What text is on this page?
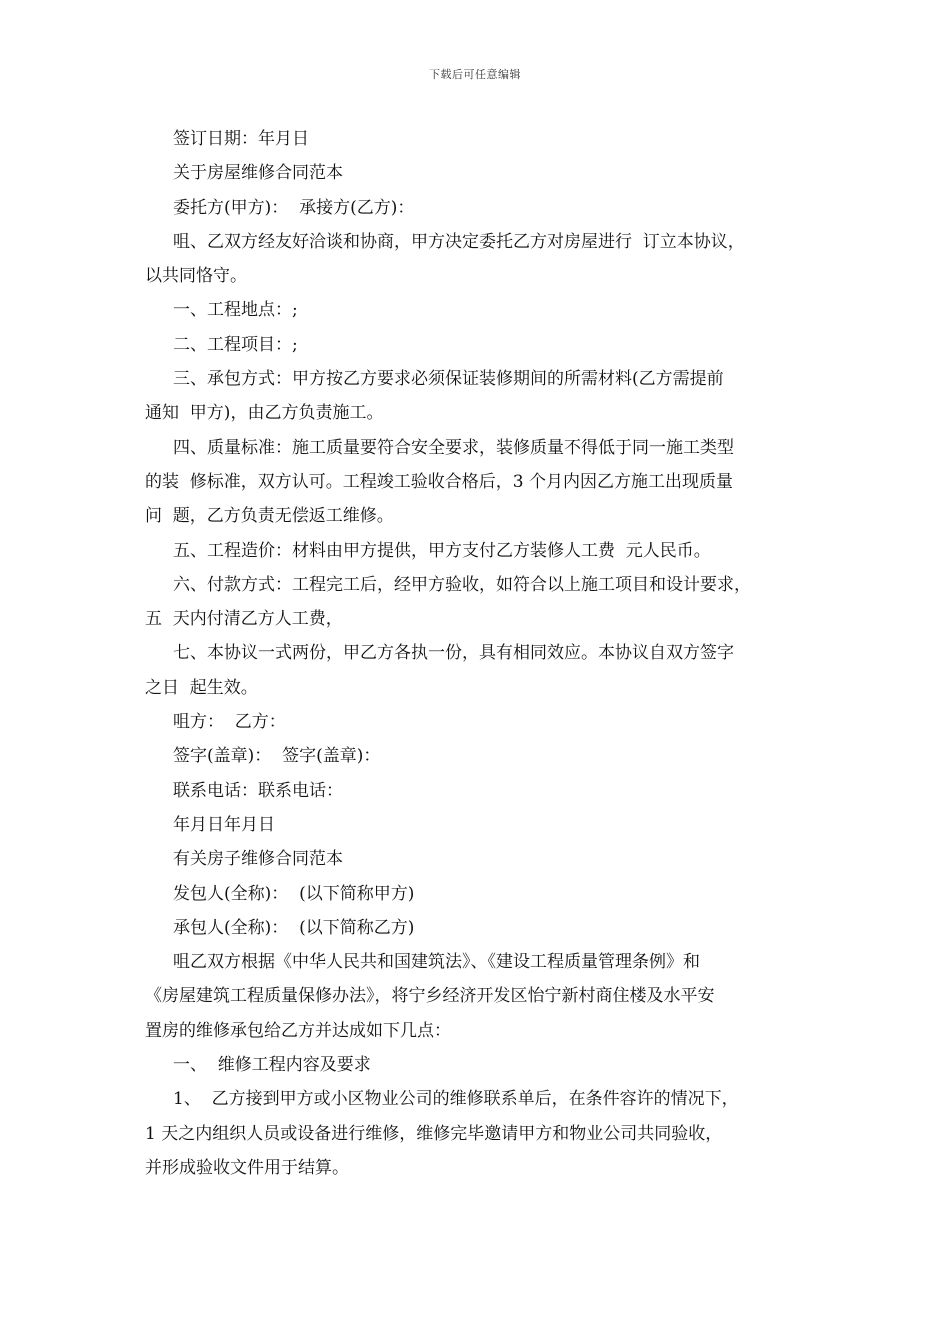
下载后可任意编辑
签订日期：年月日
关于房屋维修合同范本
委托方(甲方)：  承接方(乙方)：
咀、乙双方经友好洽谈和协商，甲方决定委托乙方对房屋进行  订立本协议，
以共同恪守。
一、工程地点：;
二、工程项目：;
三、承包方式：甲方按乙方要求必须保证装修期间的所需材料(乙方需提前
通知  甲方)，由乙方负责施工。
四、质量标准：施工质量要符合安全要求，装修质量不得低于同一施工类型
的装  修标准，双方认可。工程竣工验收合格后，3 个月内因乙方施工出现质量
问  题，乙方负责无偿返工维修。
五、工程造价：材料由甲方提供，甲方支付乙方装修人工费  元人民币。
六、付款方式：工程完工后，经甲方验收，如符合以上施工项目和设计要求，
五  天内付清乙方人工费，
七、本协议一式两份，甲乙方各执一份，具有相同效应。本协议自双方签字
之日  起生效。
咀方：  乙方：
签字(盖章)：  签字(盖章)：
联系电话：联系电话：
年月日年月日
有关房子维修合同范本
发包人(全称)：  (以下简称甲方)
承包人(全称)：  (以下简称乙方)
咀乙双方根据《中华人民共和国建筑法》、《建设工程质量管理条例》和
《房屋建筑工程质量保修办法》，将宁乡经济开发区怡宁新村商住楼及水平安
置房的维修承包给乙方并达成如下几点：
一、  维修工程内容及要求
1、  乙方接到甲方或小区物业公司的维修联系单后，在条件容许的情况下，
1 天之内组织人员或设备进行维修，维修完毕邀请甲方和物业公司共同验收，
并形成验收文件用于结算。
